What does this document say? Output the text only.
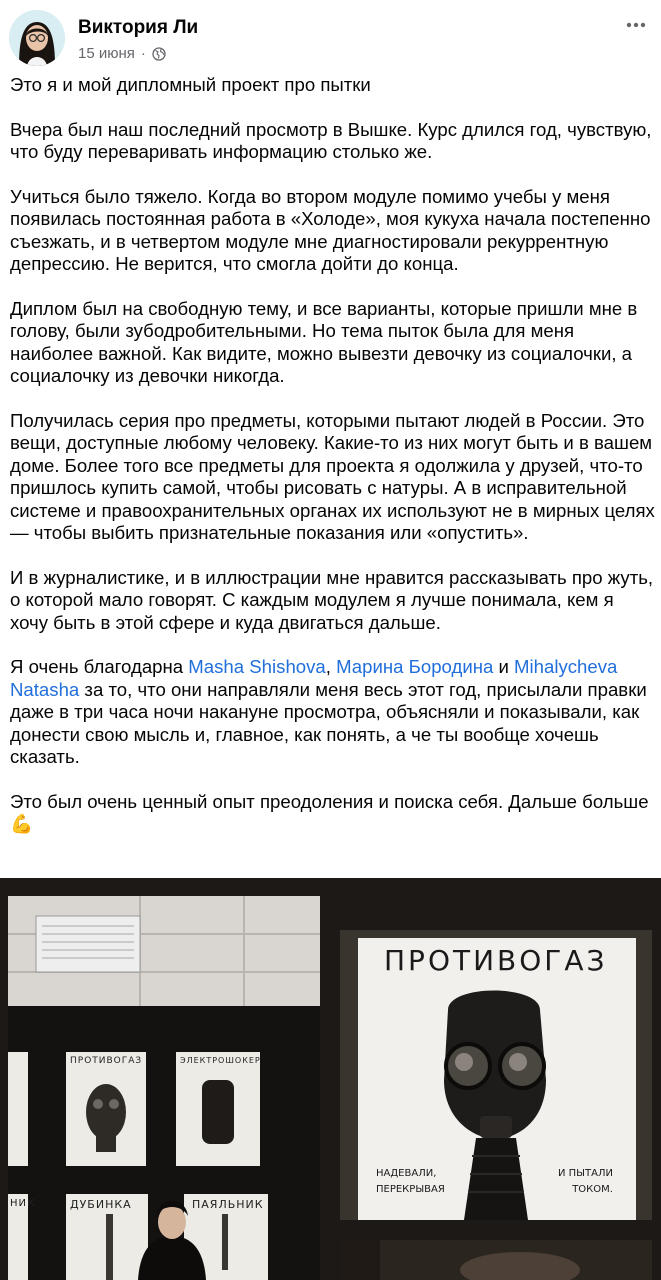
Виктория Ли
15 июня ·

Это я и мой дипломный проект про пытки

Вчера был наш последний просмотр в Вышке. Курс длился год, чувствую, что буду переваривать информацию столько же.

Учиться было тяжело. Когда во втором модуле помимо учебы у меня появилась постоянная работа в «Холоде», моя кукуха начала постепенно съезжать, и в четвертом модуле мне диагностировали рекуррентную депрессию. Не верится, что смогла дойти до конца.

Диплом был на свободную тему, и все варианты, которые пришли мне в голову, были зубодробительными. Но тема пыток была для меня наиболее важной. Как видите, можно вывезти девочку из социалочки, а социалочку из девочки никогда.

Получилась серия про предметы, которыми пытают людей в России. Это вещи, доступные любому человеку. Какие-то из них могут быть и в вашем доме. Более того все предметы для проекта я одолжила у друзей, что-то пришлось купить самой, чтобы рисовать с натуры. А в исправительной системе и правоохранительных органах их используют не в мирных целях — чтобы выбить признательные показания или «опустить».

И в журналистике, и в иллюстрации мне нравится рассказывать про жуть, о которой мало говорят. С каждым модулем я лучше понимала, кем я хочу быть в этой сфере и куда двигаться дальше.

Я очень благодарна Masha Shishova, Марина Бородина и Mihalycheva Natasha за то, что они направляли меня весь этот год, присылали правки даже в три часа ночи накануне просмотра, объясняли и показывали, как донести свою мысль и, главное, как понять, а че ты вообще хочешь сказать.

Это был очень ценный опыт преодоления и поиска себя. Дальше больше 💪

ПРОТИВОГАЗ	ЭЛЕКТРОШОКЕР
ДУБИНКА	ПАЯЛЬНИК
НИК
ПРОТИВОГАЗ
НАДЕВАЛИ,
ПЕРЕКРЫВАЯ
И ПЫТАЛИ
ТОКОМ.
